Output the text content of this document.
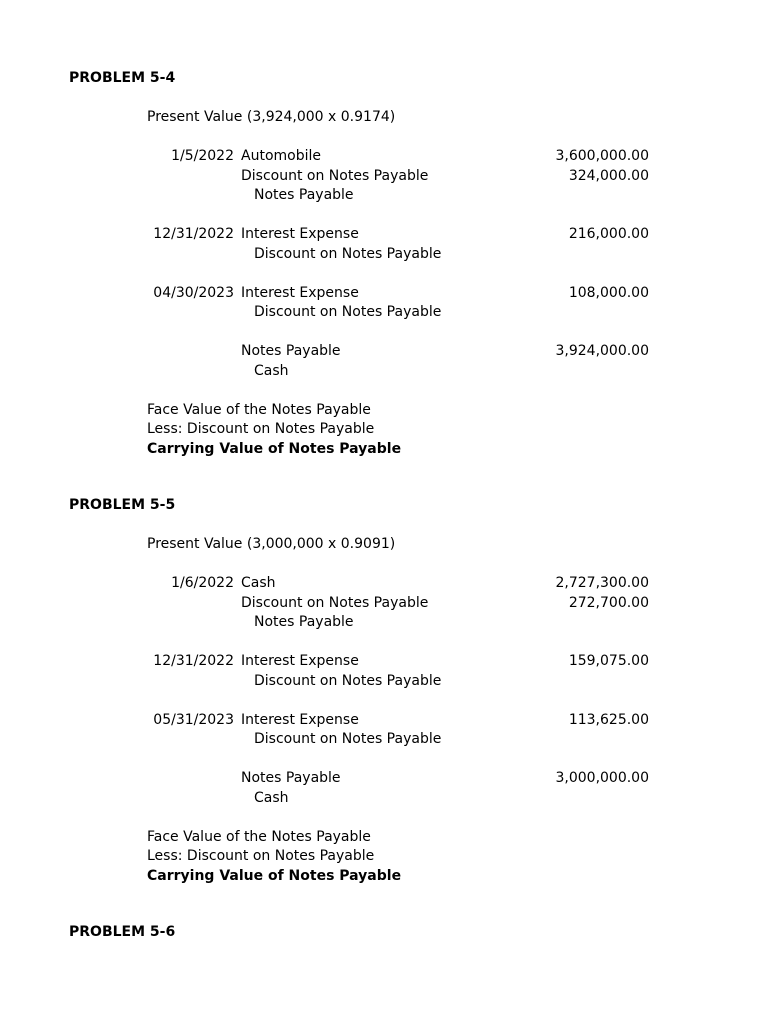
PROBLEM 5-4
Present Value (3,924,000 x 0.9174)
1/5/2022 Automobile	3,600,000.00
Discount on Notes Payable	324,000.00
Notes Payable
12/31/2022 Interest Expense	216,000.00
Discount on Notes Payable
04/30/2023 Interest Expense	108,000.00
Discount on Notes Payable
Notes Payable	3,924,000.00
Cash
Face Value of the Notes Payable
Less: Discount on Notes Payable
Carrying Value of Notes Payable
PROBLEM 5-5
Present Value (3,000,000 x 0.9091)
1/6/2022 Cash	2,727,300.00
Discount on Notes Payable	272,700.00
Notes Payable
12/31/2022 Interest Expense	159,075.00
Discount on Notes Payable
05/31/2023 Interest Expense	113,625.00
Discount on Notes Payable
Notes Payable	3,000,000.00
Cash
Face Value of the Notes Payable
Less: Discount on Notes Payable
Carrying Value of Notes Payable
PROBLEM 5-6
